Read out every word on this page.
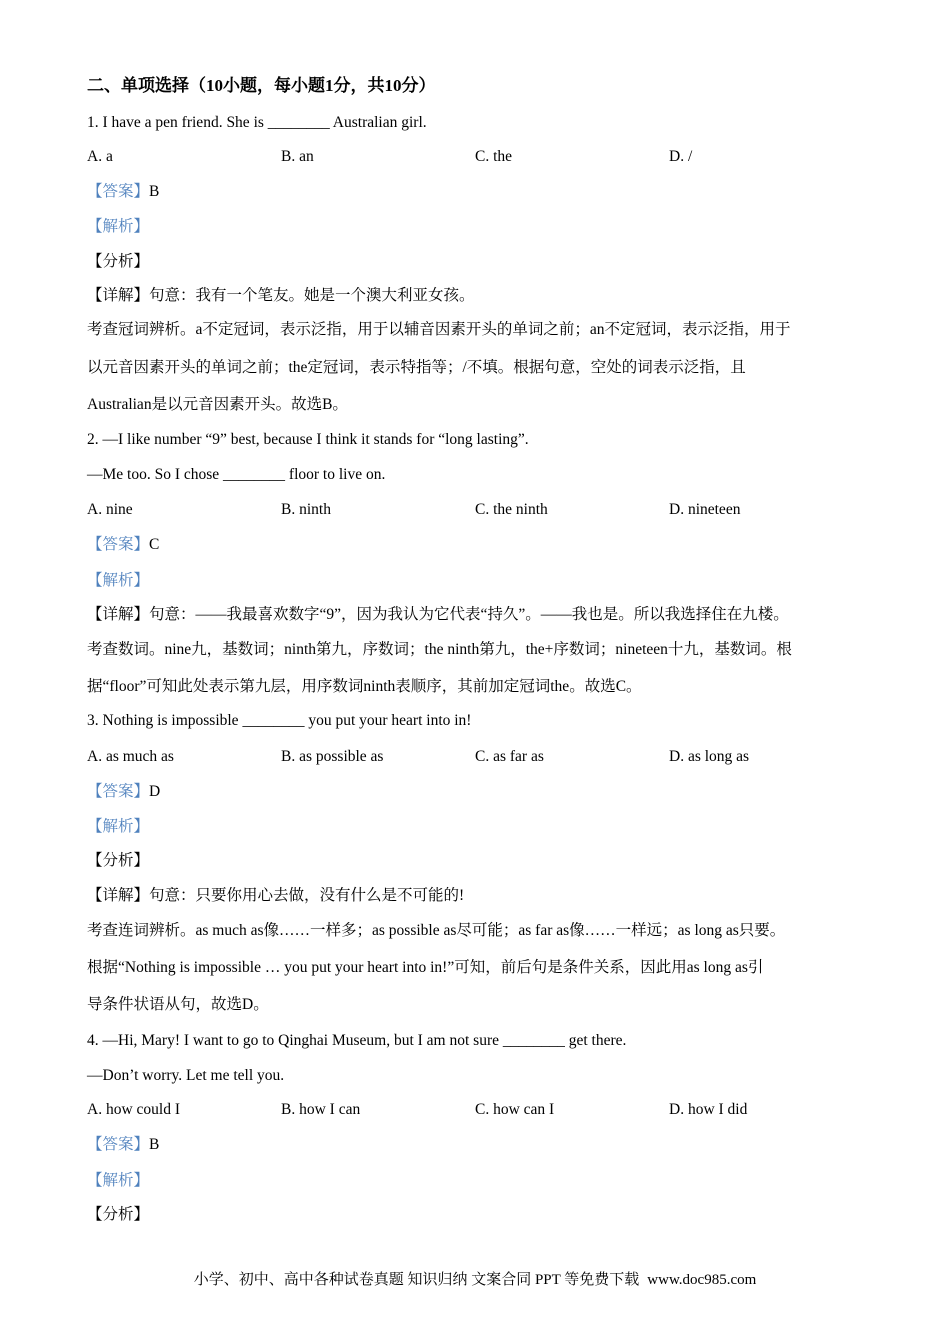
二、单项选择（10小题，每小题1分，共10分）
1. I have a pen friend. She is ________ Australian girl.
A. a	B. an	C. the	D. /
【答案】B
【解析】
【分析】
【详解】句意：我有一个笔友。她是一个澳大利亚女孩。
考查冠词辨析。a不定冠词，表示泛指，用于以辅音因素开头的单词之前；an不定冠词，表示泛指，用于
以元音因素开头的单词之前；the定冠词，表示特指等；/不填。根据句意，空处的词表示泛指，且
Australian是以元音因素开头。故选B。
2. —I like number “9” best, because I think it stands for “long lasting”.
—Me too. So I chose ________ floor to live on.
A. nine	B. ninth	C. the ninth	D. nineteen
【答案】C
【解析】
【详解】句意：——我最喜欢数字“9”，因为我认为它代表“持久”。——我也是。所以我选择住在九楼。
考查数词。nine九，基数词；ninth第九，序数词；the ninth第九，the+序数词；nineteen十九，基数词。根
据“floor”可知此处表示第九层，用序数词ninth表顺序，其前加定冠词the。故选C。
3. Nothing is impossible ________ you put your heart into in!
A. as much as	B. as possible as	C. as far as	D. as long as
【答案】D
【解析】
【分析】
【详解】句意：只要你用心去做，没有什么是不可能的!
考查连词辨析。as much as像……一样多；as possible as尽可能；as far as像……一样远；as long as只要。
根据“Nothing is impossible … you put your heart into in!”可知，前后句是条件关系，因此用as long as引
导条件状语从句，故选D。
4. —Hi, Mary! I want to go to Qinghai Museum, but I am not sure ________ get there.
—Don’t worry. Let me tell you.
A. how could I	B. how I can	C. how can I	D. how I did
【答案】B
【解析】
【分析】
小学、初中、高中各种试卷真题 知识归纳 文案合同 PPT 等免费下载 www.doc985.com
